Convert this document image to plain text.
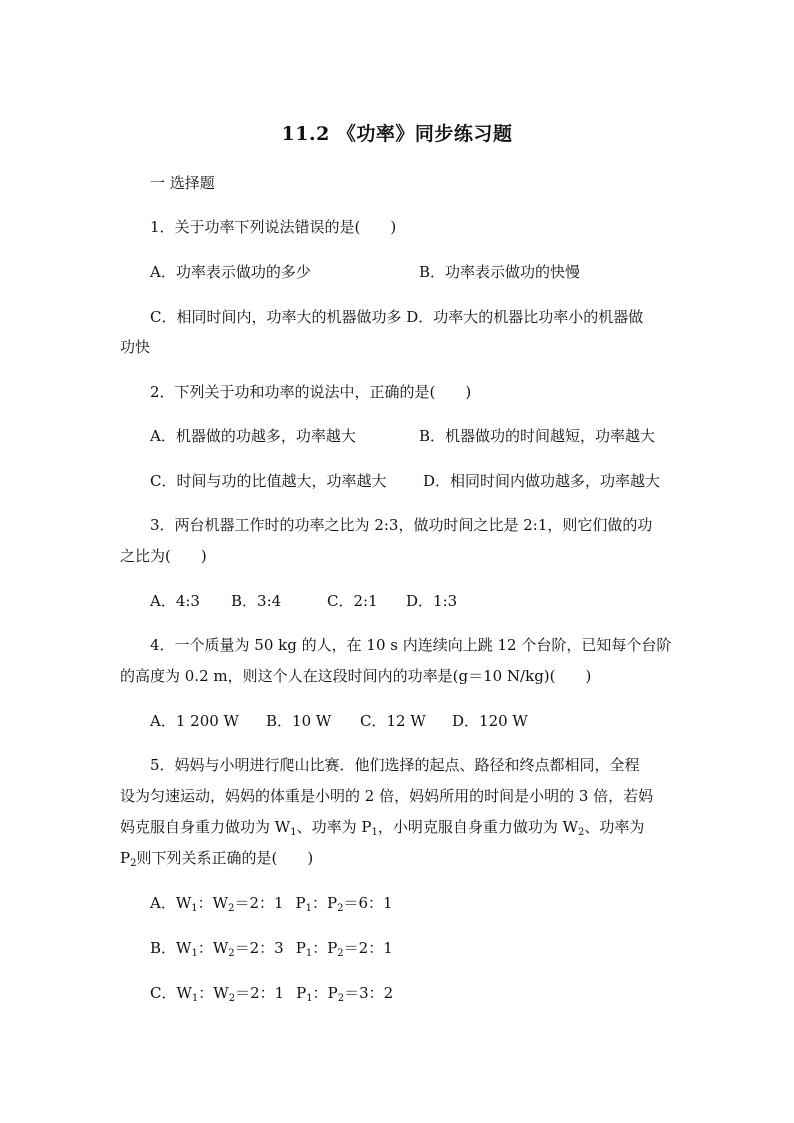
11.2 《功率》同步练习题
一 选择题
1．关于功率下列说法错误的是(　　)
A．功率表示做功的多少	B．功率表示做功的快慢
C．相同时间内，功率大的机器做功多 D．功率大的机器比功率小的机器做
功快
2．下列关于功和功率的说法中，正确的是(　　)
A．机器做的功越多，功率越大	B．机器做功的时间越短，功率越大
C．时间与功的比值越大，功率越大 D．相同时间内做功越多，功率越大
3．两台机器工作时的功率之比为 2:3，做功时间之比是 2:1，则它们做的功
之比为(　　)
A．4:3 B．3:4	C．2:1 D．1:3
4．一个质量为 50 kg 的人，在 10 s 内连续向上跳 12 个台阶，已知每个台阶
的高度为 0.2 m，则这个人在这段时间内的功率是(g＝10 N/kg)(　　)
A．1 200 W B．10 W C．12 W D．120 W
5．妈妈与小明进行爬山比赛．他们选择的起点、路径和终点都相同，全程
设为匀速运动，妈妈的体重是小明的 2 倍，妈妈所用的时间是小明的 3 倍，若妈
妈克服自身重力做功为 $W_1$、功率为 $P_1$，小明克服自身重力做功为 $W_2$、功率为
$P_2$则下列关系正确的是(　　)
A．$W_1$：$W_2=2$：1 $P_1$：$P_2=6$：1
B．$W_1$：$W_2=2$：3 $P_1$：$P_2=2$：1
C．$W_1$：$W_2=2$：1 $P_1$：$P_2=3$：2
